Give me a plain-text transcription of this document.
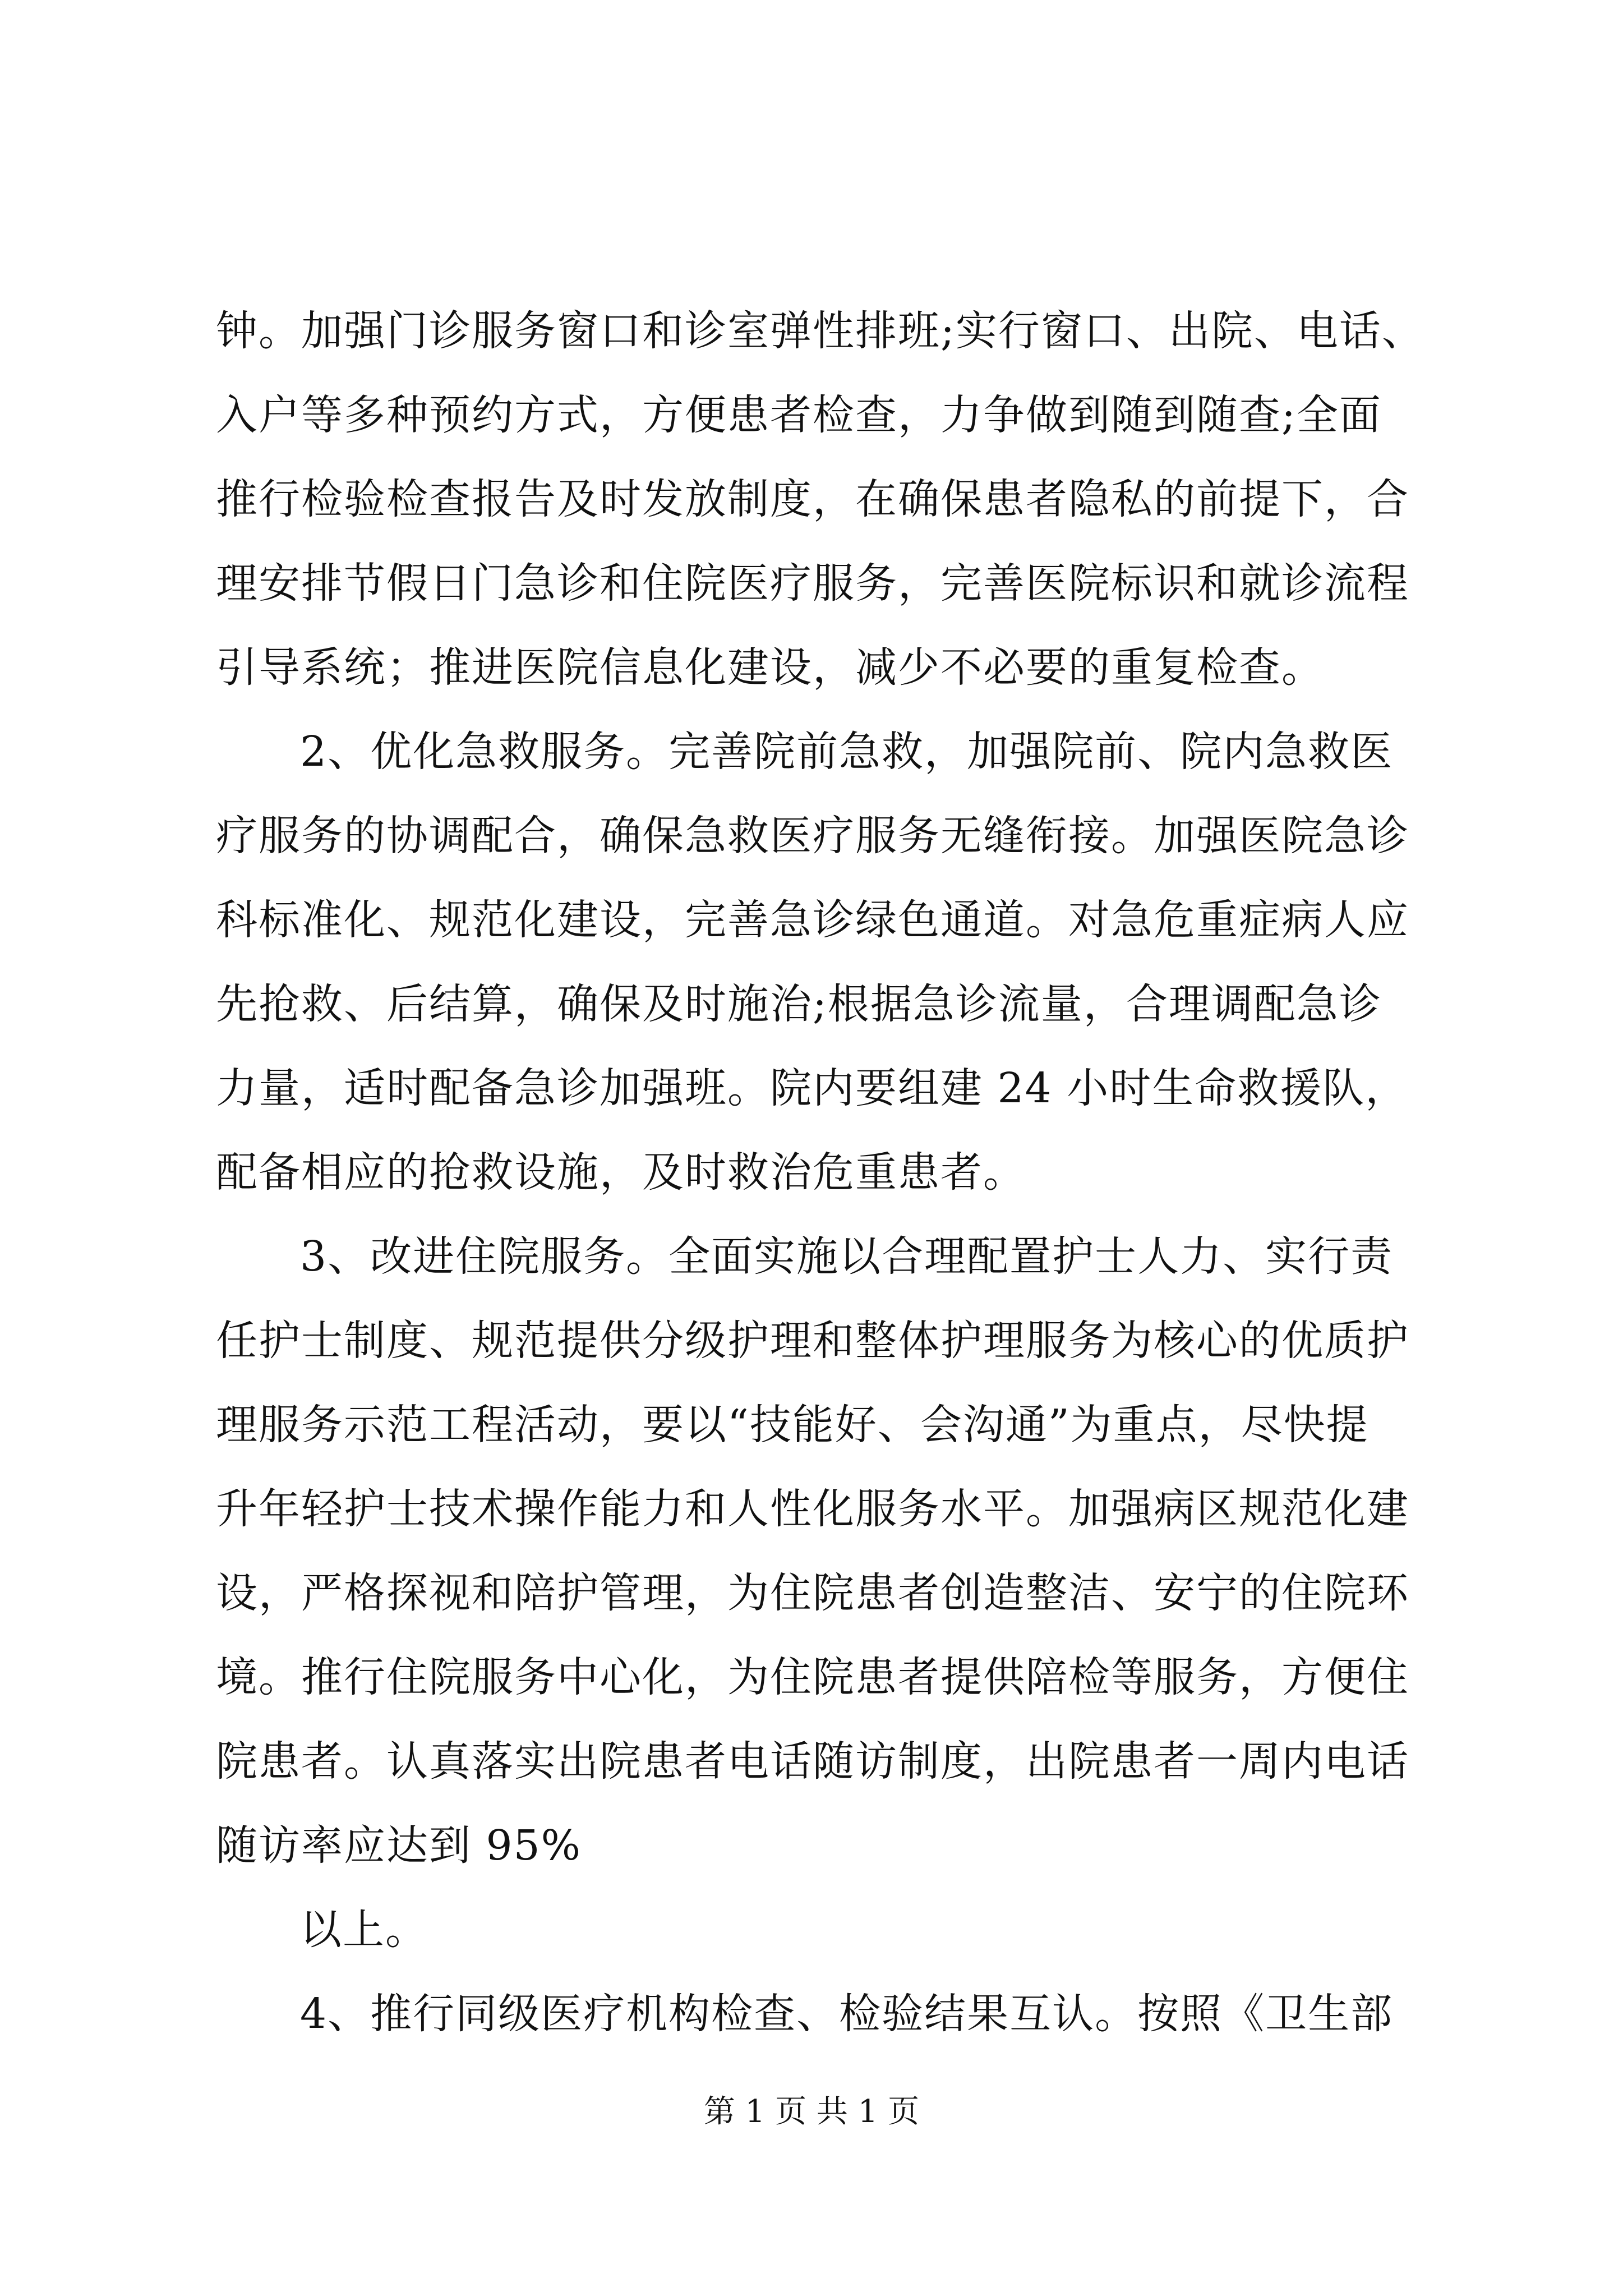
钟。加强门诊服务窗口和诊室弹性排班;实行窗口、出院、电话、
入户等多种预约方式，方便患者检查，力争做到随到随查;全面
推行检验检查报告及时发放制度，在确保患者隐私的前提下，合
理安排节假日门急诊和住院医疗服务，完善医院标识和就诊流程
引导系统；推进医院信息化建设，减少不必要的重复检查。
2、优化急救服务。完善院前急救，加强院前、院内急救医
疗服务的协调配合，确保急救医疗服务无缝衔接。加强医院急诊
科标准化、规范化建设，完善急诊绿色通道。对急危重症病人应
先抢救、后结算，确保及时施治;根据急诊流量，合理调配急诊
力量，适时配备急诊加强班。院内要组建 24 小时生命救援队，
配备相应的抢救设施，及时救治危重患者。
3、改进住院服务。全面实施以合理配置护士人力、实行责
任护士制度、规范提供分级护理和整体护理服务为核心的优质护
理服务示范工程活动，要以“技能好、会沟通”为重点，尽快提
升年轻护士技术操作能力和人性化服务水平。加强病区规范化建
设，严格探视和陪护管理，为住院患者创造整洁、安宁的住院环
境。推行住院服务中心化，为住院患者提供陪检等服务，方便住
院患者。认真落实出院患者电话随访制度，出院患者一周内电话
随访率应达到 95%
以上。
4、推行同级医疗机构检查、检验结果互认。按照《卫生部
第 1 页 共 1 页
